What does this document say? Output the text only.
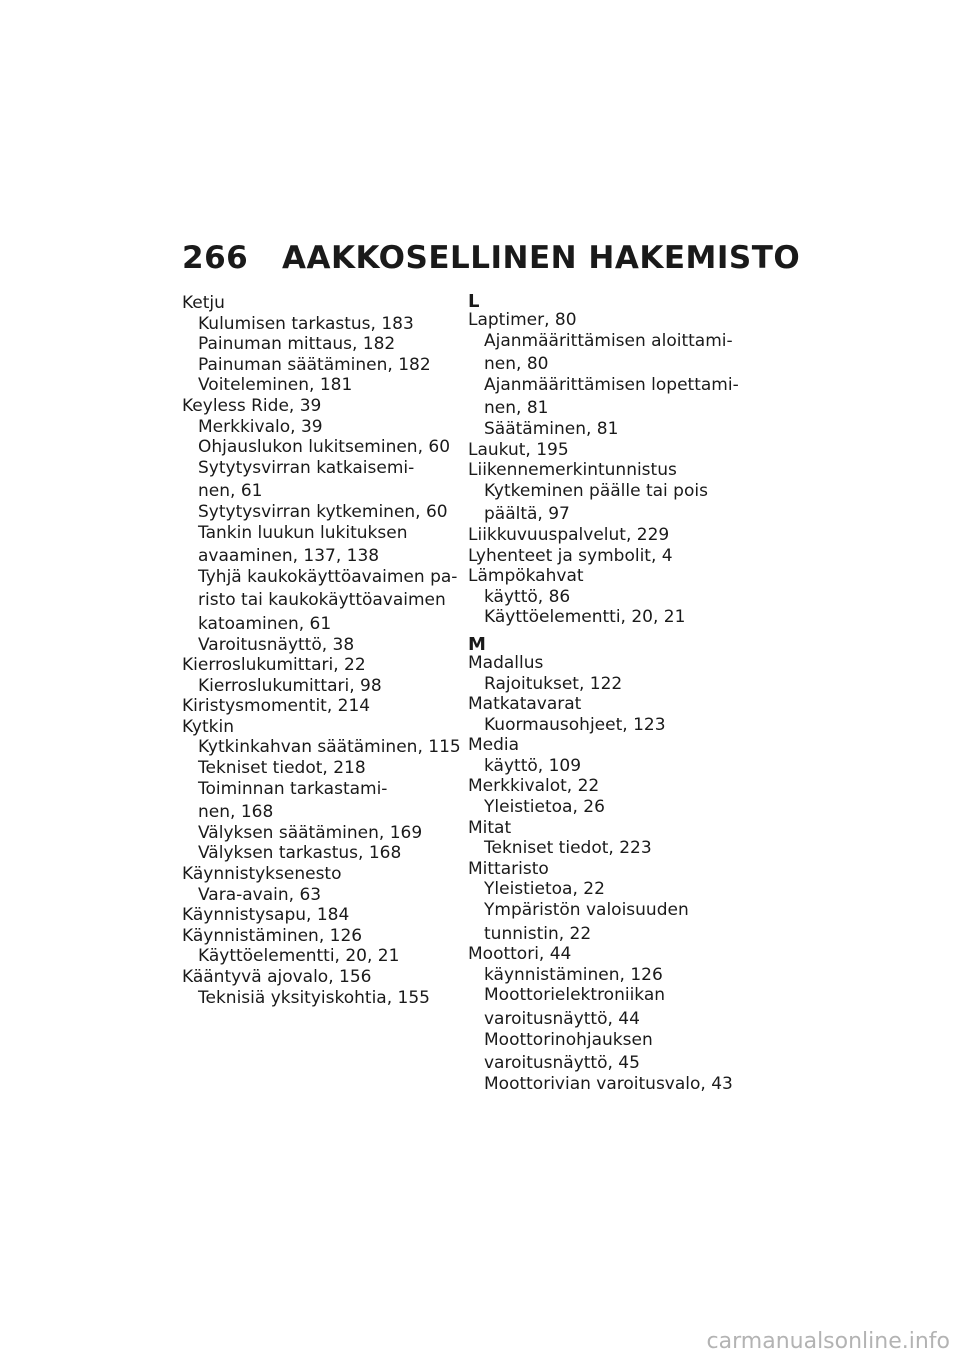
266 AAKKOSELLINEN HAKEMISTO
Ketju
Kulumisen tarkastus, 183
Painuman mittaus, 182
Painuman säätäminen, 182
Voiteleminen, 181
Keyless Ride, 39
Merkkivalo, 39
Ohjauslukon lukitseminen, 60
Sytytysvirran katkaisemi-
nen, 61
Sytytysvirran kytkeminen, 60
Tankin luukun lukituksen
avaaminen, 137, 138
Tyhjä kaukokäyttöavaimen pa-
risto tai kaukokäyttöavaimen
katoaminen, 61
Varoitusnäyttö, 38
Kierroslukumittari, 22
Kierroslukumittari, 98
Kiristysmomentit, 214
Kytkin
Kytkinkahvan säätäminen, 115
Tekniset tiedot, 218
Toiminnan tarkastami-
nen, 168
Välyksen säätäminen, 169
Välyksen tarkastus, 168
Käynnistyksenesto
Vara-avain, 63
Käynnistysapu, 184
Käynnistäminen, 126
Käyttöelementti, 20, 21
Kääntyvä ajovalo, 156
Teknisiä yksityiskohtia, 155
L
Laptimer, 80
Ajanmäärittämisen aloittami-
nen, 80
Ajanmäärittämisen lopettami-
nen, 81
Säätäminen, 81
Laukut, 195
Liikennemerkintunnistus
Kytkeminen päälle tai pois
päältä, 97
Liikkuvuuspalvelut, 229
Lyhenteet ja symbolit, 4
Lämpökahvat
käyttö, 86
Käyttöelementti, 20, 21
M
Madallus
Rajoitukset, 122
Matkatavarat
Kuormausohjeet, 123
Media
käyttö, 109
Merkkivalot, 22
Yleistietoa, 26
Mitat
Tekniset tiedot, 223
Mittaristo
Yleistietoa, 22
Ympäristön valoisuuden
tunnistin, 22
Moottori, 44
käynnistäminen, 126
Moottorielektroniikan
varoitusnäyttö, 44
Moottorinohjauksen
varoitusnäyttö, 45
Moottorivian varoitusvalo, 43
carmanualsonline.info
